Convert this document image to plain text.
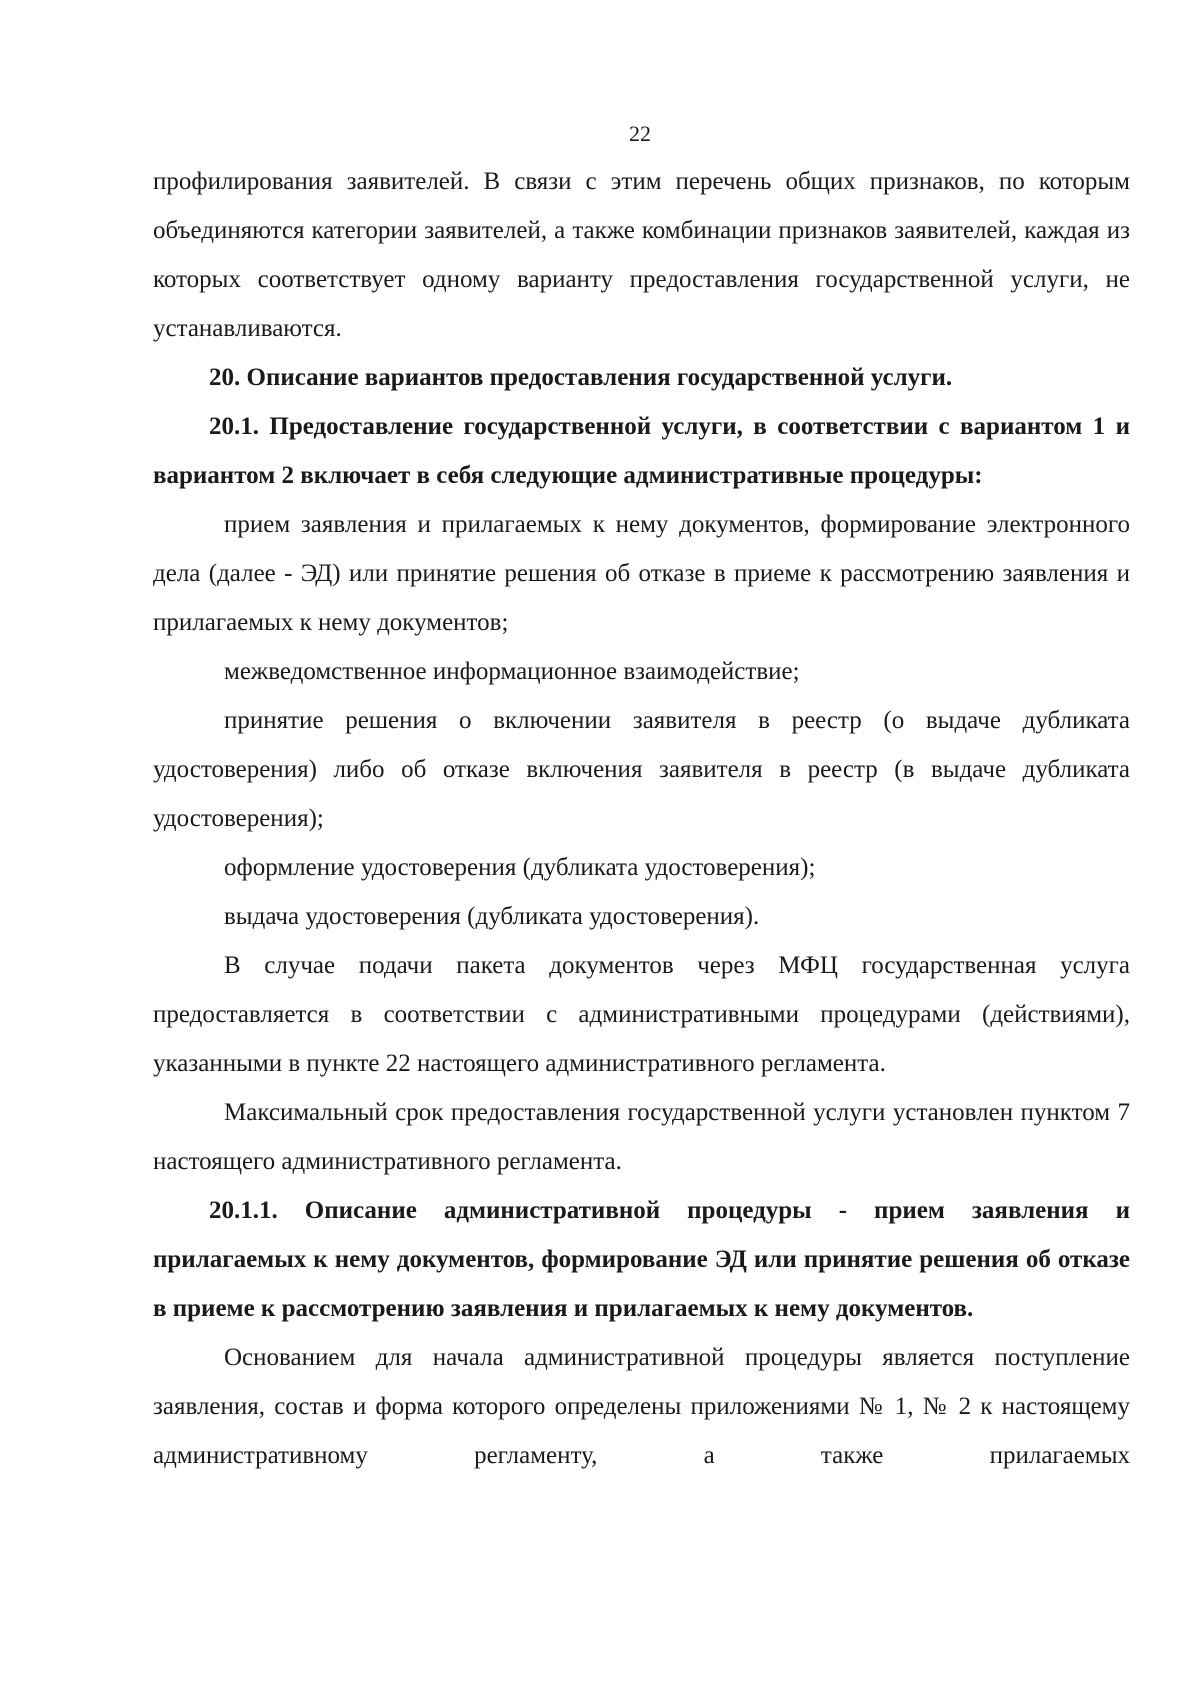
22

профилирования заявителей. В связи с этим перечень общих признаков, по которым объединяются категории заявителей, а также комбинации признаков заявителей, каждая из которых соответствует одному варианту предоставления государственной услуги, не устанавливаются.

20. Описание вариантов предоставления государственной услуги.

20.1. Предоставление государственной услуги, в соответствии с вариантом 1 и вариантом 2 включает в себя следующие административные процедуры:

прием заявления и прилагаемых к нему документов, формирование электронного дела (далее - ЭД) или принятие решения об отказе в приеме к рассмотрению заявления и прилагаемых к нему документов;

межведомственное информационное взаимодействие;

принятие решения о включении заявителя в реестр (о выдаче дубликата удостоверения) либо об отказе включения заявителя в реестр (в выдаче дубликата удостоверения);

оформление удостоверения (дубликата удостоверения);

выдача удостоверения (дубликата удостоверения).

В случае подачи пакета документов через МФЦ государственная услуга предоставляется в соответствии с административными процедурами (действиями), указанными в пункте 22 настоящего административного регламента.

Максимальный срок предоставления государственной услуги установлен пунктом 7 настоящего административного регламента.

20.1.1. Описание административной процедуры - прием заявления и прилагаемых к нему документов, формирование ЭД или принятие решения об отказе в приеме к рассмотрению заявления и прилагаемых к нему документов.

Основанием для начала административной процедуры является поступление заявления, состав и форма которого определены приложениями № 1, № 2 к настоящему административному регламенту, а также прилагаемых
